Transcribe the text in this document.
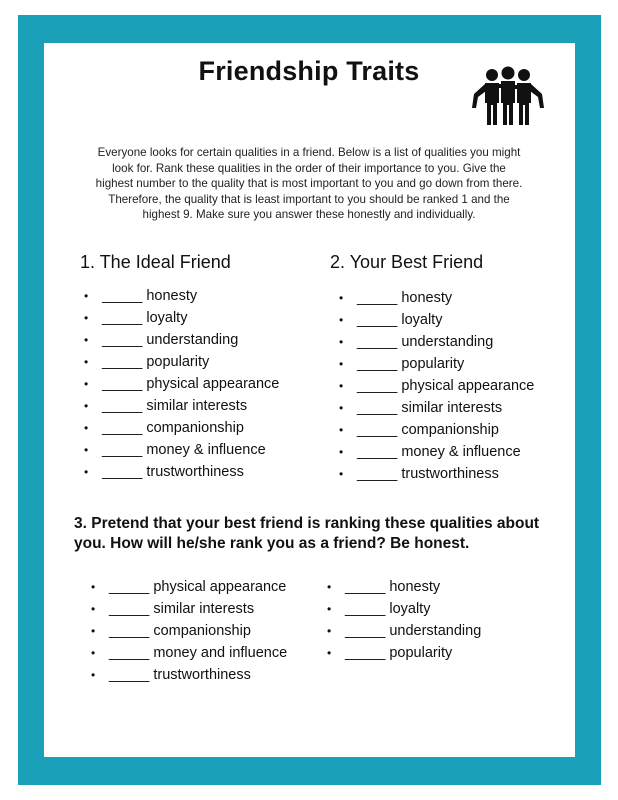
Friendship Traits
Everyone looks for certain qualities in a friend. Below is a list of qualities you might look for. Rank these qualities in the order of their importance to you. Give the highest number to the quality that is most important to you and go down from there. Therefore, the quality that is least important to you should be ranked 1 and the highest 9. Make sure you answer these honestly and individually.
1. The Ideal Friend	2. Your Best Friend
• _____ honesty
• _____ loyalty
• _____ understanding
• _____ popularity
• _____ physical appearance
• _____ similar interests
• _____ companionship
• _____ money & influence
• _____ trustworthiness
• _____ honesty
• _____ loyalty
• _____ understanding
• _____ popularity
• _____ physical appearance
• _____ similar interests
• _____ companionship
• _____ money & influence
• _____ trustworthiness
3. Pretend that your best friend is ranking these qualities about you. How will he/she rank you as a friend? Be honest.
• _____ physical appearance
• _____ similar interests
• _____ companionship
• _____ money and influence
• _____ trustworthiness
• _____ honesty
• _____ loyalty
• _____ understanding
• _____ popularity
